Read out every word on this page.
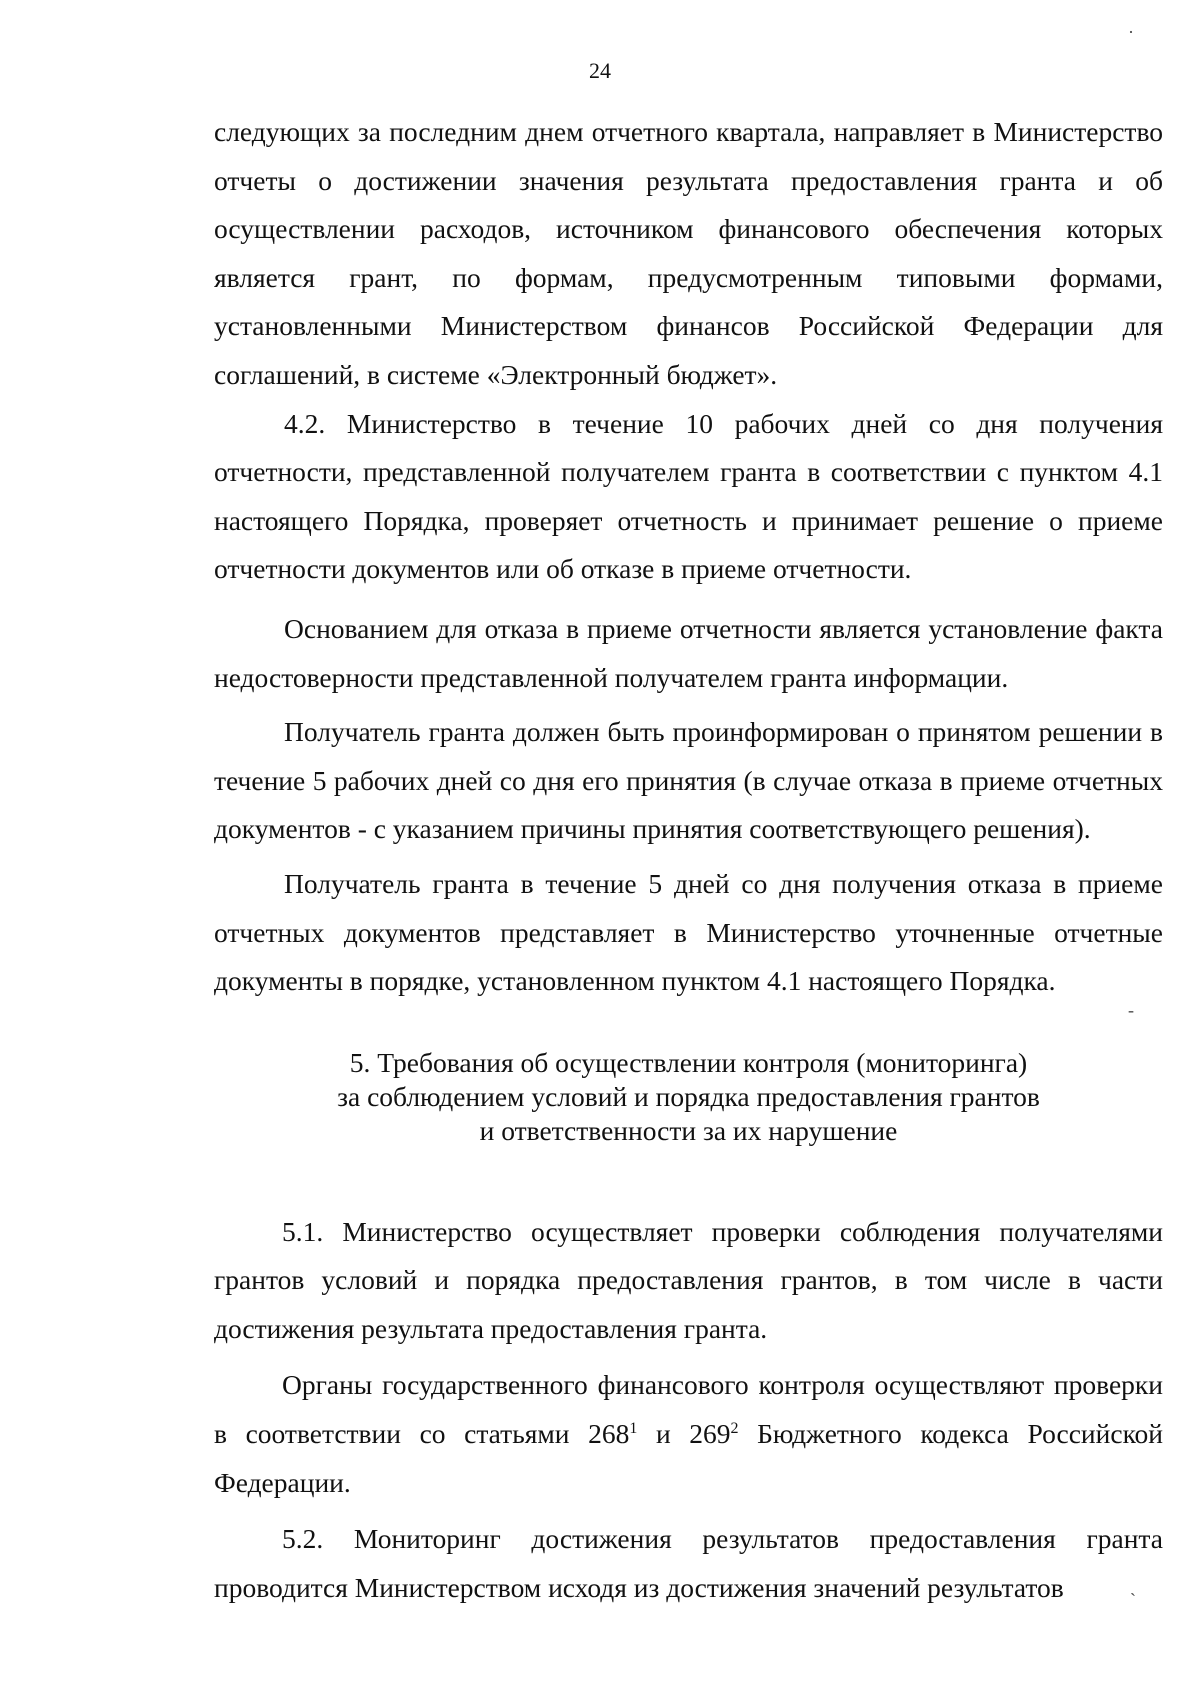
24

следующих за последним днем отчетного квартала, направляет в Министерство отчеты о достижении значения результата предоставления гранта и об осуществлении расходов, источником финансового обеспечения которых является грант, по формам, предусмотренным типовыми формами, установленными Министерством финансов Российской Федерации для соглашений, в системе «Электронный бюджет».

4.2. Министерство в течение 10 рабочих дней со дня получения отчетности, представленной получателем гранта в соответствии с пунктом 4.1 настоящего Порядка, проверяет отчетность и принимает решение о приеме отчетности документов или об отказе в приеме отчетности.

Основанием для отказа в приеме отчетности является установление факта недостоверности представленной получателем гранта информации.

Получатель гранта должен быть проинформирован о принятом решении в течение 5 рабочих дней со дня его принятия (в случае отказа в приеме отчетных документов - с указанием причины принятия соответствующего решения).

Получатель гранта в течение 5 дней со дня получения отказа в приеме отчетных документов представляет в Министерство уточненные отчетные документы в порядке, установленном пунктом 4.1 настоящего Порядка.

5. Требования об осуществлении контроля (мониторинга)
за соблюдением условий и порядка предоставления грантов
и ответственности за их нарушение

5.1. Министерство осуществляет проверки соблюдения получателями грантов условий и порядка предоставления грантов, в том числе в части достижения результата предоставления гранта.

Органы государственного финансового контроля осуществляют проверки в соответствии со статьями $268^1$ и $269^2$ Бюджетного кодекса Российской Федерации.

5.2. Мониторинг достижения результатов предоставления гранта проводится Министерством исходя из достижения значений результатов

·
-
`
